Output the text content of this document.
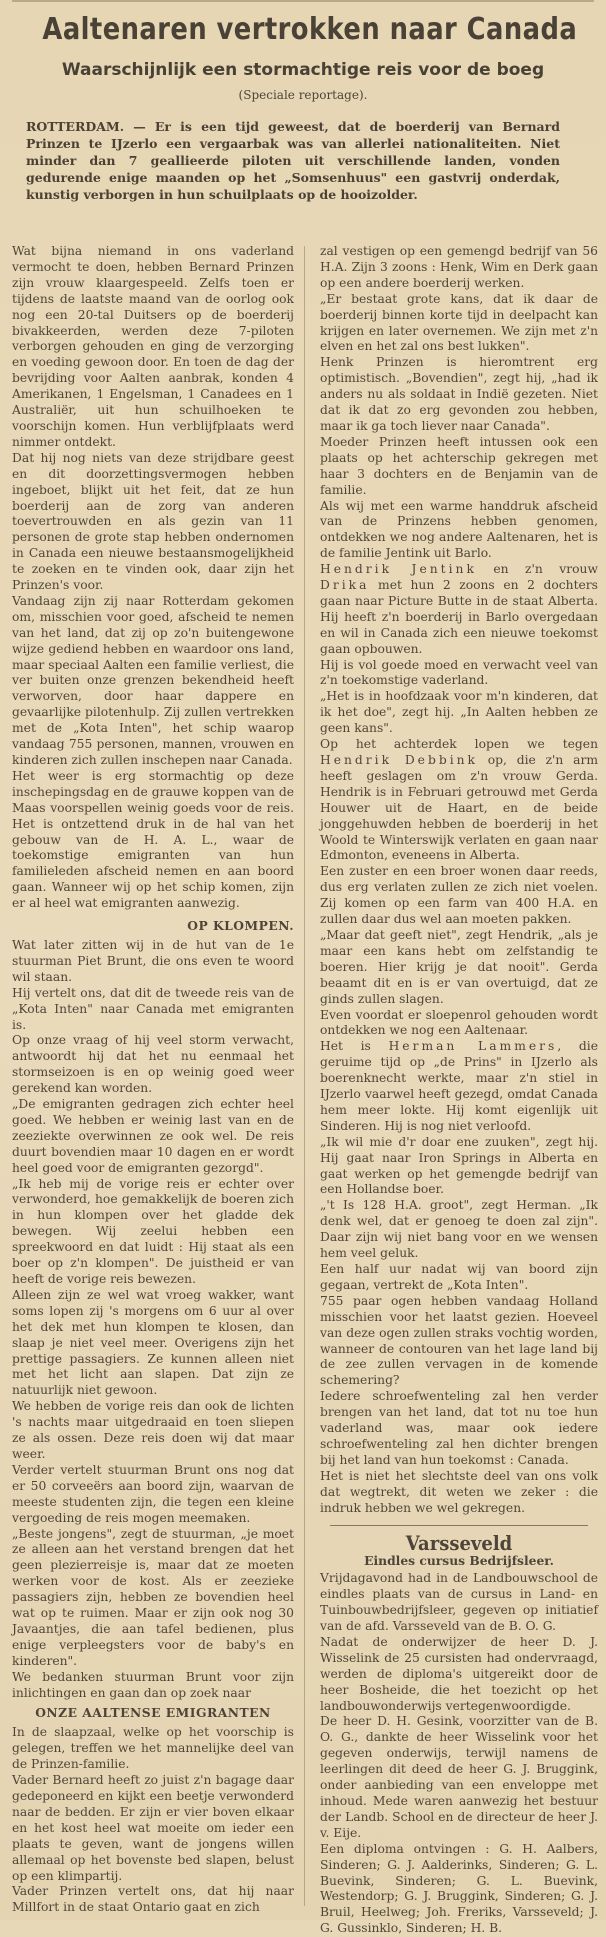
Aaltenaren vertrokken naar Canada
Waarschijnlijk een stormachtige reis voor de boeg
(Speciale reportage).
ROTTERDAM. — Er is een tijd geweest, dat de boerderij van Bernard Prinzen te IJzerlo een vergaarbak was van allerlei nationaliteiten. Niet minder dan 7 geallieerde piloten uit verschillende landen, vonden gedurende enige maanden op het „Somsenhuus" een gastvrij onderdak, kunstig verborgen in hun schuilplaats op de hooizolder.

Wat bijna niemand in ons vaderland vermocht te doen, hebben Bernard Prinzen zijn vrouw klaargespeeld. Zelfs toen er tijdens de laatste maand van de oorlog ook nog een 20-tal Duitsers op de boerderij bivakkeerden, werden deze 7-piloten verborgen gehouden en ging de verzorging en voeding gewoon door. En toen de dag der bevrijding voor Aalten aanbrak, konden 4 Amerikanen, 1 Engelsman, 1 Canadees en 1 Australiër, uit hun schuilhoeken te voorschijn komen. Hun verblijfplaats werd nimmer ontdekt.

Dat hij nog niets van deze strijdbare geest en dit doorzettingsvermogen hebben ingeboet, blijkt uit het feit, dat ze hun boerderij aan de zorg van anderen toevertrouwden en als gezin van 11 personen de grote stap hebben ondernomen in Canada een nieuwe bestaansmogelijkheid te zoeken en te vinden ook, daar zijn het Prinzen's voor.

Vandaag zijn zij naar Rotterdam gekomen om, misschien voor goed, afscheid te nemen van het land, dat zij op zo'n buitengewone wijze gediend hebben en waardoor ons land, maar speciaal Aalten een familie verliest, die ver buiten onze grenzen bekendheid heeft verworven, door haar dappere en gevaarlijke pilotenhulp. Zij zullen vertrekken met de „Kota Inten", het schip waarop vandaag 755 personen, mannen, vrouwen en kinderen zich zullen inschepen naar Canada.

Het weer is erg stormachtig op deze inschepingsdag en de grauwe koppen van de Maas voorspellen weinig goeds voor de reis. Het is ontzettend druk in de hal van het gebouw van de H. A. L., waar de toekomstige emigranten van hun familieleden afscheid nemen en aan boord gaan. Wanneer wij op het schip komen, zijn er al heel wat emigranten aanwezig.

OP KLOMPEN.

Wat later zitten wij in de hut van de 1e stuurman Piet Brunt, die ons even te woord wil staan.

Hij vertelt ons, dat dit de tweede reis van de „Kota Inten" naar Canada met emigranten is.

Op onze vraag of hij veel storm verwacht, antwoordt hij dat het nu eenmaal het stormseizoen is en op weinig goed weer gerekend kan worden.

„De emigranten gedragen zich echter heel goed. We hebben er weinig last van en de zeeziekte overwinnen ze ook wel. De reis duurt bovendien maar 10 dagen en er wordt heel goed voor de emigranten gezorgd".

„Ik heb mij de vorige reis er echter over verwonderd, hoe gemakkelijk de boeren zich in hun klompen over het gladde dek bewegen. Wij zeelui hebben een spreekwoord en dat luidt : Hij staat als een boer op z'n klompen". De juistheid er van heeft de vorige reis bewezen.

Alleen zijn ze wel wat vroeg wakker, want soms lopen zij 's morgens om 6 uur al over het dek met hun klompen te klosen, dan slaap je niet veel meer. Overigens zijn het prettige passagiers. Ze kunnen alleen niet met het licht aan slapen. Dat zijn ze natuurlijk niet gewoon.

We hebben de vorige reis dan ook de lichten 's nachts maar uitgedraaid en toen sliepen ze als ossen. Deze reis doen wij dat maar weer.

Verder vertelt stuurman Brunt ons nog dat er 50 corveeërs aan boord zijn, waarvan de meeste studenten zijn, die tegen een kleine vergoeding de reis mogen meemaken.

„Beste jongens", zegt de stuurman, „je moet ze alleen aan het verstand brengen dat het geen plezierreisje is, maar dat ze moeten werken voor de kost. Als er zeezieke passagiers zijn, hebben ze bovendien heel wat op te ruimen. Maar er zijn ook nog 30 Javaantjes, die aan tafel bedienen, plus enige verpleegsters voor de baby's en kinderen".

We bedanken stuurman Brunt voor zijn inlichtingen en gaan dan op zoek naar

ONZE AALTENSE EMIGRANTEN

In de slaapzaal, welke op het voorschip is gelegen, treffen we het mannelijke deel van de Prinzen-familie.

Vader Bernard heeft zo juist z'n bagage daar gedeponeerd en kijkt een beetje verwonderd naar de bedden. Er zijn er vier boven elkaar en het kost heel wat moeite om ieder een plaats te geven, want de jongens willen allemaal op het bovenste bed slapen, belust op een klimpartij.

Vader Prinzen vertelt ons, dat hij naar Millfort in de staat Ontario gaat en zich

zal vestigen op een gemengd bedrijf van 56 H.A. Zijn 3 zoons : Henk, Wim en Derk gaan op een andere boerderij werken.

„Er bestaat grote kans, dat ik daar de boerderij binnen korte tijd in deelpacht kan krijgen en later overnemen. We zijn met z'n elven en het zal ons best lukken".

Henk Prinzen is hieromtrent erg optimistisch. „Bovendien", zegt hij, „had ik anders nu als soldaat in Indië gezeten. Niet dat ik dat zo erg gevonden zou hebben, maar ik ga toch liever naar Canada".

Moeder Prinzen heeft intussen ook een plaats op het achterschip gekregen met haar 3 dochters en de Benjamin van de familie.

Als wij met een warme handdruk afscheid van de Prinzens hebben genomen, ontdekken we nog andere Aaltenaren, het is de familie Jentink uit Barlo.

Hendrik Jentink en z'n vrouw Drika met hun 2 zoons en 2 dochters gaan naar Picture Butte in de staat Alberta. Hij heeft z'n boerderij in Barlo overgedaan en wil in Canada zich een nieuwe toekomst gaan opbouwen.

Hij is vol goede moed en verwacht veel van z'n toekomstige vaderland.

„Het is in hoofdzaak voor m'n kinderen, dat ik het doe", zegt hij. „In Aalten hebben ze geen kans".

Op het achterdek lopen we tegen Hendrik Debbink op, die z'n arm heeft geslagen om z'n vrouw Gerda. Hendrik is in Februari getrouwd met Gerda Houwer uit de Haart, en de beide jonggehuwden hebben de boerderij in het Woold te Winterswijk verlaten en gaan naar Edmonton, eveneens in Alberta.

Een zuster en een broer wonen daar reeds, dus erg verlaten zullen ze zich niet voelen. Zij komen op een farm van 400 H.A. en zullen daar dus wel aan moeten pakken.

„Maar dat geeft niet", zegt Hendrik, „als je maar een kans hebt om zelfstandig te boeren. Hier krijg je dat nooit". Gerda beaamt dit en is er van overtuigd, dat ze ginds zullen slagen.

Even voordat er sloepenrol gehouden wordt ontdekken we nog een Aaltenaar.

Het is Herman Lammers, die geruime tijd op „de Prins" in IJzerlo als boerenknecht werkte, maar z'n stiel in IJzerlo vaarwel heeft gezegd, omdat Canada hem meer lokte. Hij komt eigenlijk uit Sinderen. Hij is nog niet verloofd.

„Ik wil mie d'r doar ene zuuken", zegt hij. Hij gaat naar Iron Springs in Alberta en gaat werken op het gemengde bedrijf van een Hollandse boer.

„'t Is 128 H.A. groot", zegt Herman. „Ik denk wel, dat er genoeg te doen zal zijn". Daar zijn wij niet bang voor en we wensen hem veel geluk.

Een half uur nadat wij van boord zijn gegaan, vertrekt de „Kota Inten".

755 paar ogen hebben vandaag Holland misschien voor het laatst gezien. Hoeveel van deze ogen zullen straks vochtig worden, wanneer de contouren van het lage land bij de zee zullen vervagen in de komende schemering?

Iedere schroefwenteling zal hen verder brengen van het land, dat tot nu toe hun vaderland was, maar ook iedere schroefwenteling zal hen dichter brengen bij het land van hun toekomst : Canada.

Het is niet het slechtste deel van ons volk dat wegtrekt, dit weten we zeker : die indruk hebben we wel gekregen.

Varsseveld

Eindles cursus Bedrijfsleer.

Vrijdagavond had in de Landbouwschool de eindles plaats van de cursus in Land- en Tuinbouwbedrijfsleer, gegeven op initiatief van de afd. Varsseveld van de B. O. G.

Nadat de onderwijzer de heer D. J. Wisselink de 25 cursisten had ondervraagd, werden de diploma's uitgereikt door de heer Bosheide, die het toezicht op het landbouwonderwijs vertegenwoordigde.

De heer D. H. Gesink, voorzitter van de B. O. G., dankte de heer Wisselink voor het gegeven onderwijs, terwijl namens de leerlingen dit deed de heer G. J. Bruggink, onder aanbieding van een enveloppe met inhoud. Mede waren aanwezig het bestuur der Landb. School en de directeur de heer J. v. Eije.

Een diploma ontvingen : G. H. Aalbers, Sinderen; G. J. Aalderinks, Sinderen; G. L. Buevink, Sinderen; G. L. Buevink, Westendorp; G. J. Bruggink, Sinderen; G. J. Bruil, Heelweg; Joh. Freriks, Varsseveld; J. G. Gussinklo, Sinderen; H. B.
